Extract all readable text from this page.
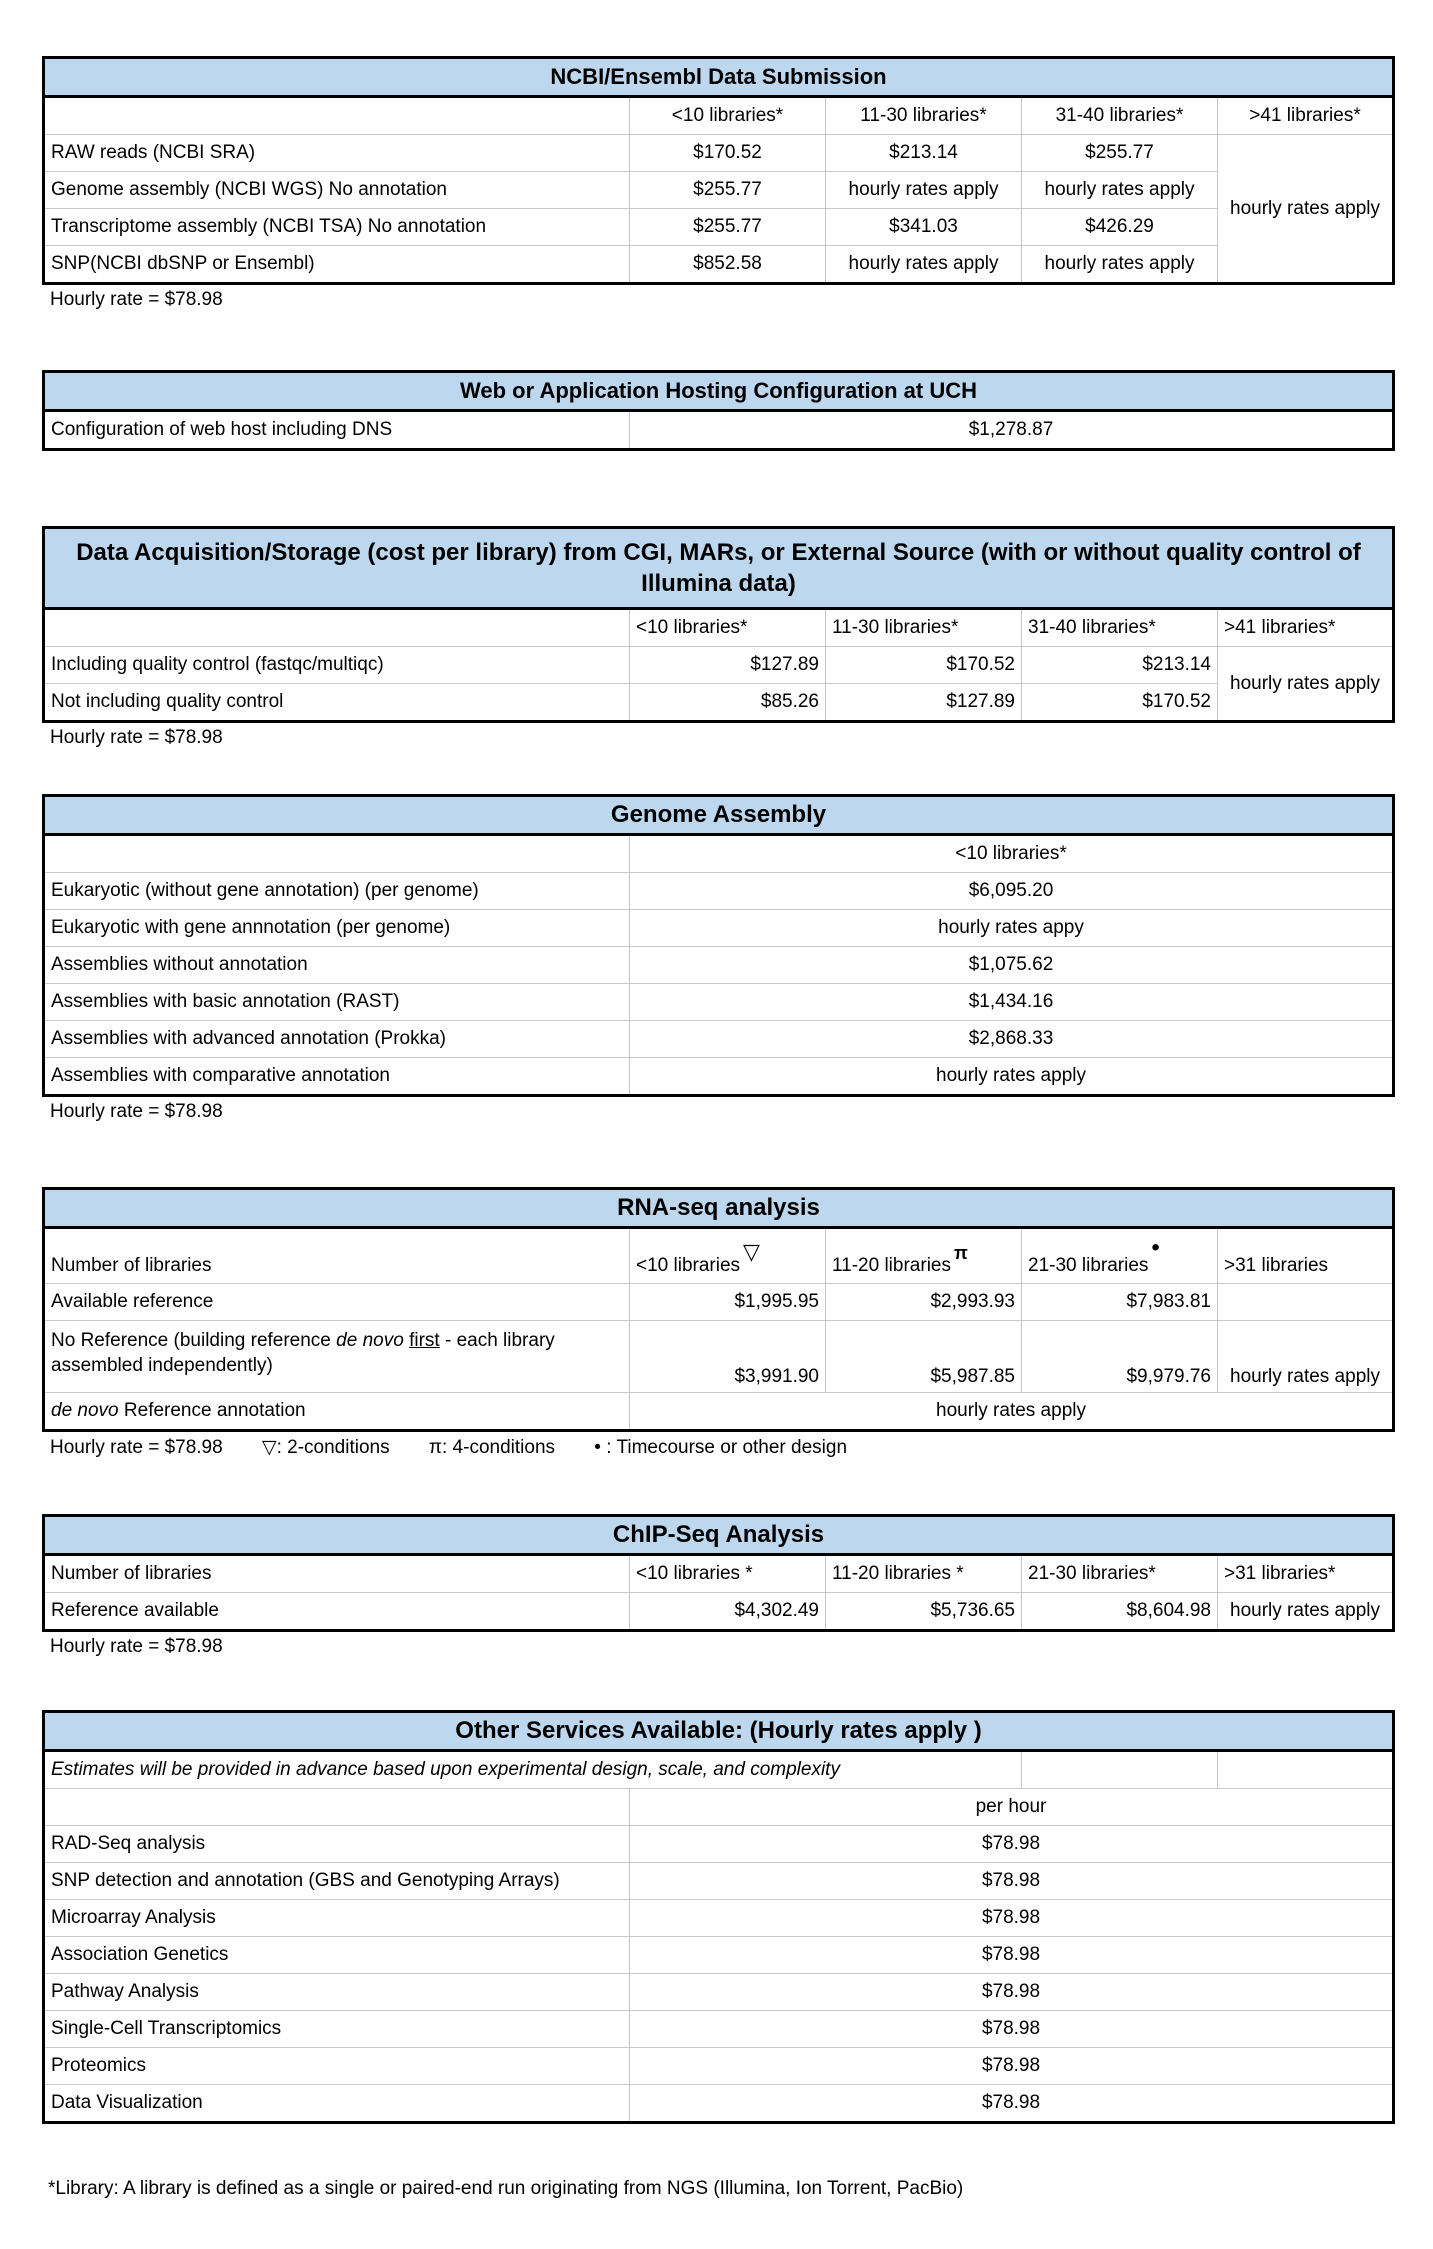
NCBI/Ensembl Data Submission				
	<10 libraries*	11-30 libraries*	31-40 libraries*	>41 libraries*
RAW reads (NCBI SRA)	$170.52	$213.14	$255.77	hourly rates apply
Genome assembly (NCBI WGS) No annotation	$255.77	hourly rates apply	hourly rates apply	
Transcriptome assembly (NCBI TSA) No annotation	$255.77	$341.03	$426.29	
SNP(NCBI dbSNP or Ensembl)	$852.58	hourly rates apply	hourly rates apply	
Hourly rate = $78.98
Web or Application Hosting Configuration at UCH
Configuration of web host including DNS	$1,278.87
Data Acquisition/Storage (cost per library) from CGI, MARs, or External Source (with or without quality control of Illumina data)				
	<10 libraries*	11-30 libraries*	31-40 libraries*	>41 libraries*
Including quality control (fastqc/multiqc)	$127.89	$170.52	$213.14	hourly rates apply
Not including quality control	$85.26	$127.89	$170.52	
Hourly rate = $78.98
Genome Assembly	
	<10 libraries*
Eukaryotic (without gene annotation) (per genome)	$6,095.20
Eukaryotic with gene annnotation (per genome)	hourly rates appy
Assemblies without annotation	$1,075.62
Assemblies with basic annotation (RAST)	$1,434.16
Assemblies with advanced annotation (Prokka)	$2,868.33
Assemblies with comparative annotation	hourly rates apply
Hourly rate = $78.98
RNA-seq analysis				
Number of libraries	<10 libraries▽	11-20 librariesπ	21-30 libraries•	>31 libraries
Available reference	$1,995.95	$2,993.93	$7,983.81	
No Reference (building reference de novo first - each library assembled independently)	$3,991.90	$5,987.85	$9,979.76	hourly rates apply
de novo Reference annotation	hourly rates apply			
Hourly rate = $78.98 ▽: 2-conditions π: 4-conditions • : Timecourse or other design
ChIP-Seq Analysis				
Number of libraries	<10 libraries *	11-20 libraries *	21-30 libraries*	>31 libraries*
Reference available	$4,302.49	$5,736.65	$8,604.98	hourly rates apply
Hourly rate = $78.98
Other Services Available: (Hourly rates apply )			
Estimates will be provided in advance based upon experimental design, scale, and complexity			
	per hour		
RAD-Seq analysis	$78.98		
SNP detection and annotation (GBS and Genotyping Arrays)	$78.98		
Microarray Analysis	$78.98		
Association Genetics	$78.98		
Pathway Analysis	$78.98		
Single-Cell Transcriptomics	$78.98		
Proteomics	$78.98		
Data Visualization	$78.98		
*Library: A library is defined as a single or paired-end run originating from NGS (Illumina, Ion Torrent, PacBio)
